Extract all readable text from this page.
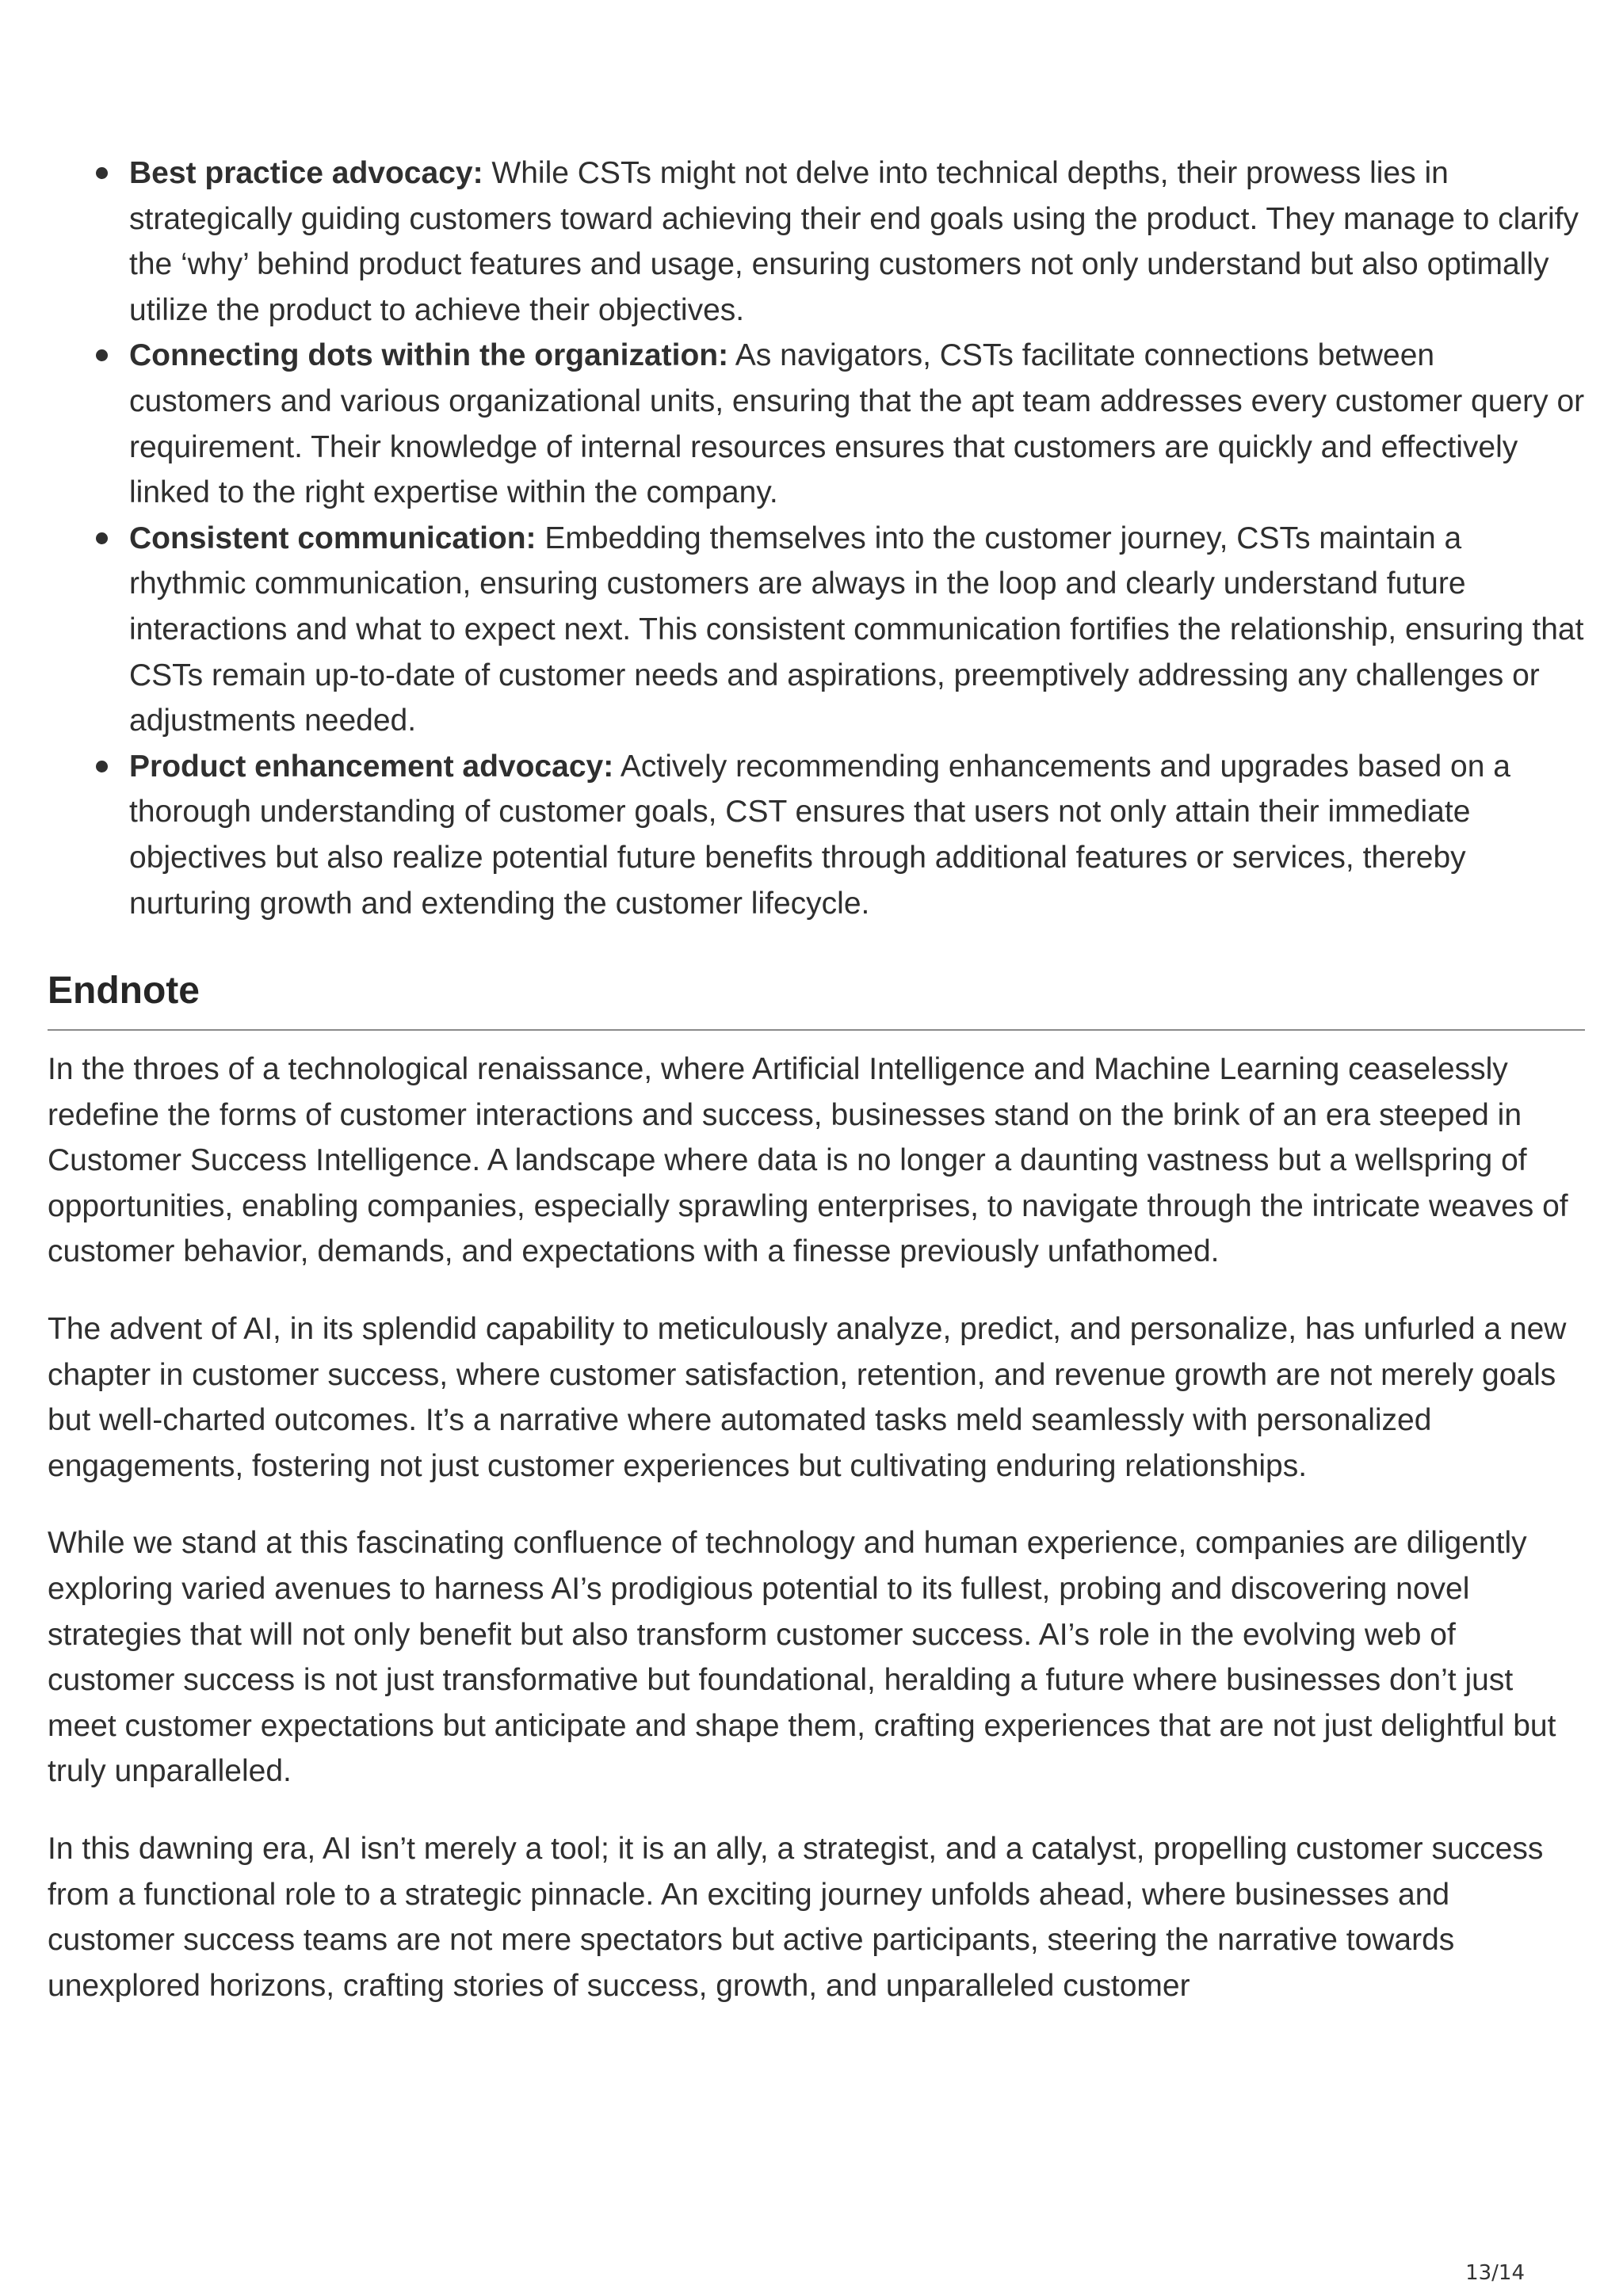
Best practice advocacy: While CSTs might not delve into technical depths, their prowess lies in strategically guiding customers toward achieving their end goals using the product. They manage to clarify the ‘why’ behind product features and usage, ensuring customers not only understand but also optimally utilize the product to achieve their objectives.
Connecting dots within the organization: As navigators, CSTs facilitate connections between customers and various organizational units, ensuring that the apt team addresses every customer query or requirement. Their knowledge of internal resources ensures that customers are quickly and effectively linked to the right expertise within the company.
Consistent communication: Embedding themselves into the customer journey, CSTs maintain a rhythmic communication, ensuring customers are always in the loop and clearly understand future interactions and what to expect next. This consistent communication fortifies the relationship, ensuring that CSTs remain up-to-date of customer needs and aspirations, preemptively addressing any challenges or adjustments needed.
Product enhancement advocacy: Actively recommending enhancements and upgrades based on a thorough understanding of customer goals, CST ensures that users not only attain their immediate objectives but also realize potential future benefits through additional features or services, thereby nurturing growth and extending the customer lifecycle.
Endnote

In the throes of a technological renaissance, where Artificial Intelligence and Machine Learning ceaselessly redefine the forms of customer interactions and success, businesses stand on the brink of an era steeped in Customer Success Intelligence. A landscape where data is no longer a daunting vastness but a wellspring of opportunities, enabling companies, especially sprawling enterprises, to navigate through the intricate weaves of customer behavior, demands, and expectations with a finesse previously unfathomed.

The advent of AI, in its splendid capability to meticulously analyze, predict, and personalize, has unfurled a new chapter in customer success, where customer satisfaction, retention, and revenue growth are not merely goals but well-charted outcomes. It’s a narrative where automated tasks meld seamlessly with personalized engagements, fostering not just customer experiences but cultivating enduring relationships.

While we stand at this fascinating confluence of technology and human experience, companies are diligently exploring varied avenues to harness AI’s prodigious potential to its fullest, probing and discovering novel strategies that will not only benefit but also transform customer success. AI’s role in the evolving web of customer success is not just transformative but foundational, heralding a future where businesses don’t just meet customer expectations but anticipate and shape them, crafting experiences that are not just delightful but truly unparalleled.

In this dawning era, AI isn’t merely a tool; it is an ally, a strategist, and a catalyst, propelling customer success from a functional role to a strategic pinnacle. An exciting journey unfolds ahead, where businesses and customer success teams are not mere spectators but active participants, steering the narrative towards unexplored horizons, crafting stories of success, growth, and unparalleled customer

13/14
